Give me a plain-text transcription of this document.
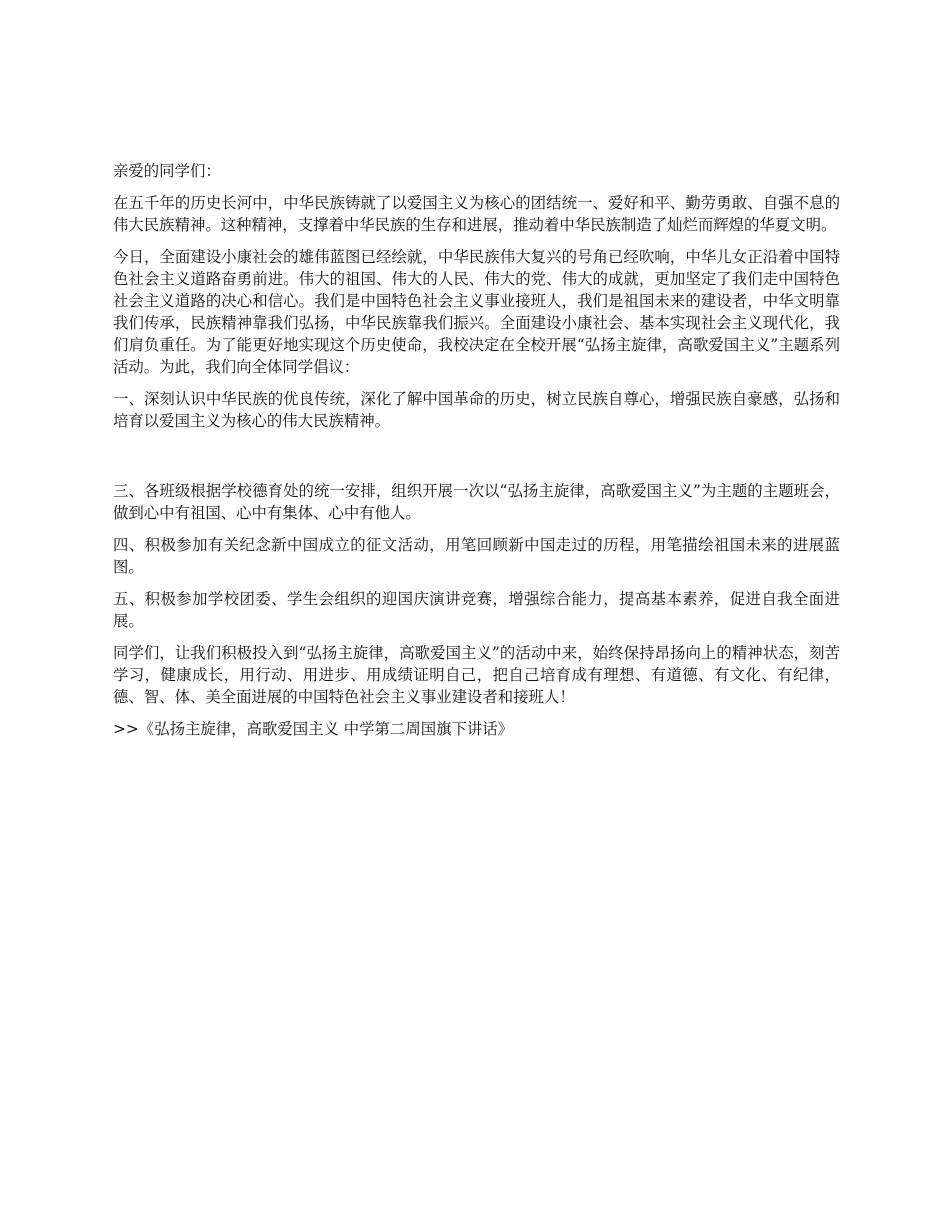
亲爱的同学们：

在五千年的历史长河中，中华民族铸就了以爱国主义为核心的团结统一、爱好和平、勤劳勇敢、自强不息的伟大民族精神。这种精神，支撑着中华民族的生存和进展，推动着中华民族制造了灿烂而辉煌的华夏文明。

今日，全面建设小康社会的雄伟蓝图已经绘就，中华民族伟大复兴的号角已经吹响，中华儿女正沿着中国特色社会主义道路奋勇前进。伟大的祖国、伟大的人民、伟大的党、伟大的成就，更加坚定了我们走中国特色社会主义道路的决心和信心。我们是中国特色社会主义事业接班人，我们是祖国未来的建设者，中华文明靠我们传承，民族精神靠我们弘扬，中华民族靠我们振兴。全面建设小康社会、基本实现社会主义现代化，我们肩负重任。为了能更好地实现这个历史使命，我校决定在全校开展“弘扬主旋律，高歌爱国主义”主题系列活动。为此，我们向全体同学倡议：

一、深刻认识中华民族的优良传统，深化了解中国革命的历史，树立民族自尊心，增强民族自豪感，弘扬和培育以爱国主义为核心的伟大民族精神。

三、各班级根据学校德育处的统一安排，组织开展一次以“弘扬主旋律，高歌爱国主义”为主题的主题班会，做到心中有祖国、心中有集体、心中有他人。

四、积极参加有关纪念新中国成立的征文活动，用笔回顾新中国走过的历程，用笔描绘祖国未来的进展蓝图。

五、积极参加学校团委、学生会组织的迎国庆演讲竞赛，增强综合能力，提高基本素养，促进自我全面进展。

同学们，让我们积极投入到“弘扬主旋律，高歌爱国主义”的活动中来，始终保持昂扬向上的精神状态，刻苦学习，健康成长，用行动、用进步、用成绩证明自己，把自己培育成有理想、有道德、有文化、有纪律，德、智、体、美全面进展的中国特色社会主义事业建设者和接班人！

>>《弘扬主旋律，高歌爱国主义 中学第二周国旗下讲话》
